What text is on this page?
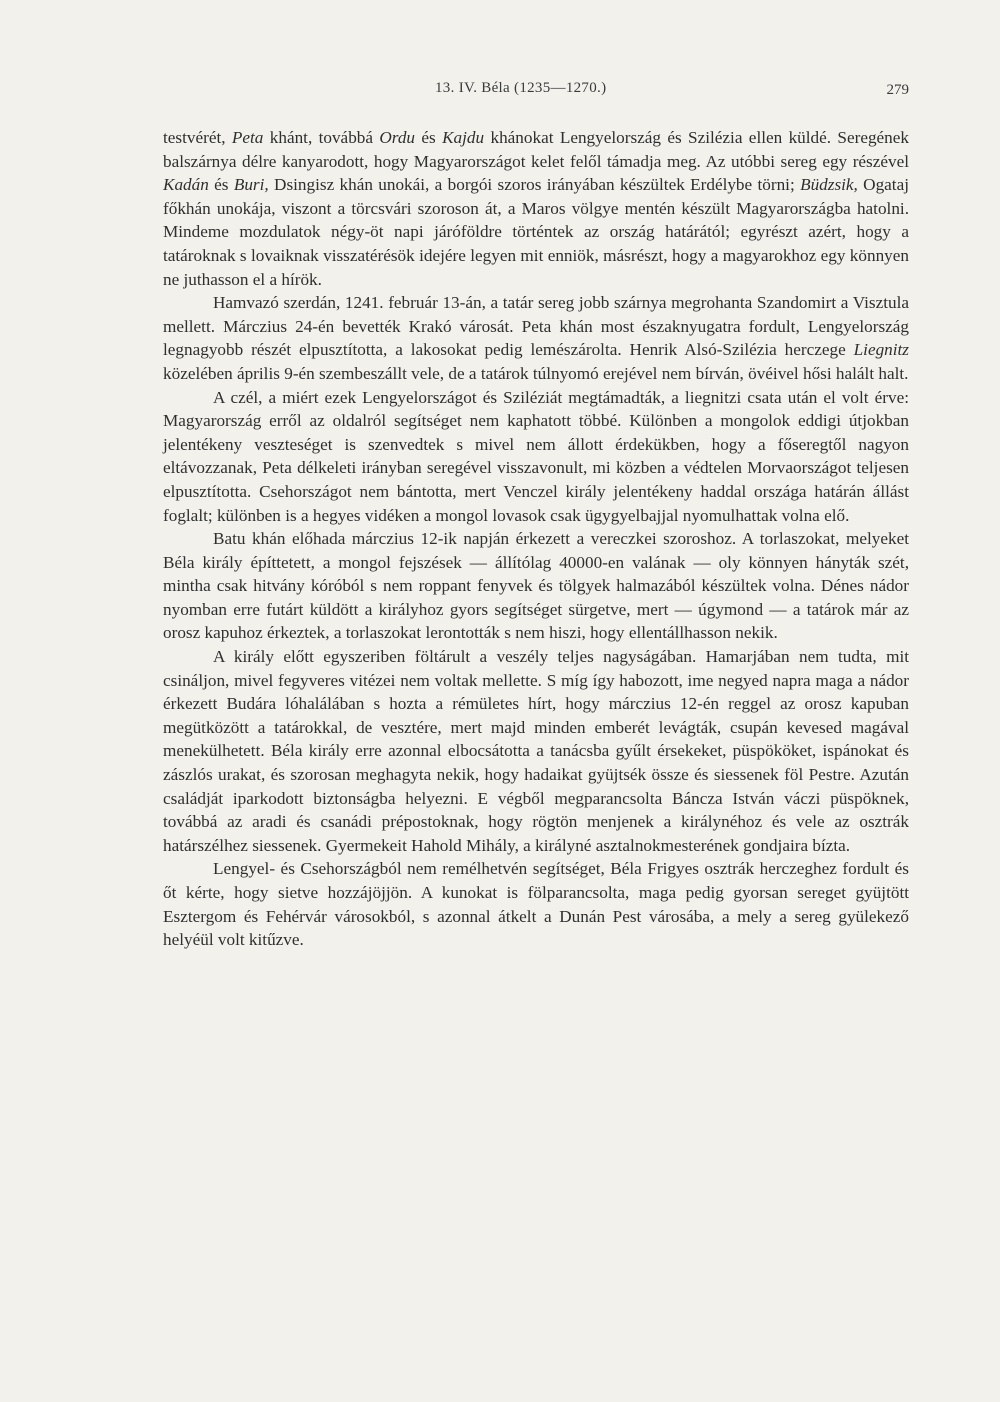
13. IV. Béla (1235—1270.)	279

testvérét, Peta khánt, továbbá Ordu és Kajdu khánokat Lengyelország és Szilézia ellen küldé. Seregének balszárnya délre kanyarodott, hogy Magyarországot kelet felől támadja meg. Az utóbbi sereg egy részével Kadán és Buri, Dsingisz khán unokái, a borgói szoros irányában készültek Erdélybe törni; Büdzsik, Ogataj főkhán unokája, viszont a törcsvári szoroson át, a Maros völgye mentén készült Magyarországba hatolni. Mindeme mozdulatok négy-öt napi járóföldre történtek az ország határától; egyrészt azért, hogy a tatároknak s lovaiknak visszatérésök idejére legyen mit enniök, másrészt, hogy a magyarokhoz egy könnyen ne juthasson el a hírök.

Hamvazó szerdán, 1241. február 13-án, a tatár sereg jobb szárnya megrohanta Szandomirt a Visztula mellett. Márczius 24-én bevették Krakó városát. Peta khán most északnyugatra fordult, Lengyelország legnagyobb részét elpusztította, a lakosokat pedig lemészárolta. Henrik Alsó-Szilézia herczege Liegnitz közelében április 9-én szembeszállt vele, de a tatárok túlnyomó erejével nem bírván, övéivel hősi halált halt.

A czél, a miért ezek Lengyelországot és Sziléziát megtámadták, a liegnitzi csata után el volt érve: Magyarország erről az oldalról segítséget nem kaphatott többé. Különben a mongolok eddigi útjokban jelentékeny veszteséget is szenvedtek s mivel nem állott érdekükben, hogy a főseregtől nagyon eltávozzanak, Peta délkeleti irányban seregével visszavonult, mi közben a védtelen Morvaországot teljesen elpusztította. Csehországot nem bántotta, mert Venczel király jelentékeny haddal országa határán állást foglalt; különben is a hegyes vidéken a mongol lovasok csak ügygyelbajjal nyomulhattak volna elő.

Batu khán előhada márczius 12-ik napján érkezett a vereczkei szoroshoz. A torlaszokat, melyeket Béla király építtetett, a mongol fejszések — állítólag 40000-en valának — oly könnyen hányták szét, mintha csak hitvány kóróból s nem roppant fenyvek és tölgyek halmazából készültek volna. Dénes nádor nyomban erre futárt küldött a királyhoz gyors segítséget sürgetve, mert — úgymond — a tatárok már az orosz kapuhoz érkeztek, a torlaszokat lerontották s nem hiszi, hogy ellentállhasson nekik.

A király előtt egyszeriben föltárult a veszély teljes nagyságában. Hamarjában nem tudta, mit csináljon, mivel fegyveres vitézei nem voltak mellette. S míg így habozott, ime negyed napra maga a nádor érkezett Budára lóhalálában s hozta a rémületes hírt, hogy márczius 12-én reggel az orosz kapuban megütközött a tatárokkal, de vesztére, mert majd minden emberét levágták, csupán kevesed magával menekülhetett. Béla király erre azonnal elbocsátotta a tanácsba gyűlt érsekeket, püspököket, ispánokat és zászlós urakat, és szorosan meghagyta nekik, hogy hadaikat gyüjtsék össze és siessenek föl Pestre. Azután családját iparkodott biztonságba helyezni. E végből megparancsolta Báncza István váczi püspöknek, továbbá az aradi és csanádi prépostoknak, hogy rögtön menjenek a királynéhoz és vele az osztrák határszélhez siessenek. Gyermekeit Hahold Mihály, a királyné asztalnokmesterének gondjaira bízta.

Lengyel- és Csehországból nem remélhetvén segítséget, Béla Frigyes osztrák herczeghez fordult és őt kérte, hogy sietve hozzájöjjön. A kunokat is fölparancsolta, maga pedig gyorsan sereget gyüjtött Esztergom és Fehérvár városokból, s azonnal átkelt a Dunán Pest városába, a mely a sereg gyülekező helyéül volt kitűzve.
